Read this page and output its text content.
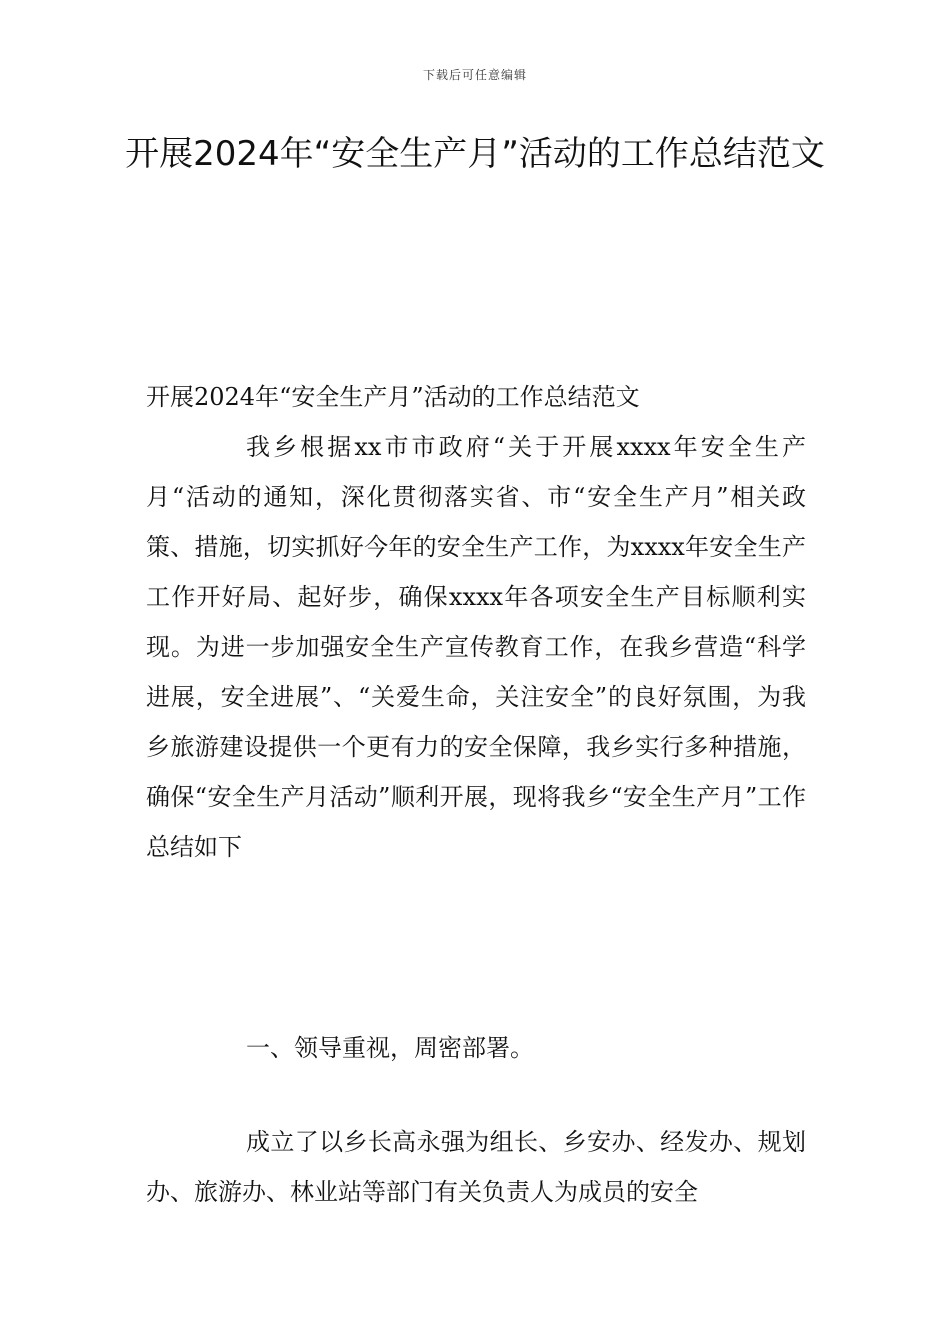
下载后可任意编辑
开展2024年“安全生产月”活动的工作总结范文

开展2024年“安全生产月”活动的工作总结范文

我乡根据xx市市政府“关于开展xxxx年安全生产月“活动的通知，深化贯彻落实省、市“安全生产月”相关政策、措施，切实抓好今年的安全生产工作，为xxxx年安全生产工作开好局、起好步，确保xxxx年各项安全生产目标顺利实现。为进一步加强安全生产宣传教育工作，在我乡营造“科学进展，安全进展”、“关爱生命，关注安全”的良好氛围，为我乡旅游建设提供一个更有力的安全保障，我乡实行多种措施，确保“安全生产月活动”顺利开展，现将我乡“安全生产月”工作总结如下

一、领导重视，周密部署。

成立了以乡长高永强为组长、乡安办、经发办、规划办、旅游办、林业站等部门有关负责人为成员的安全
